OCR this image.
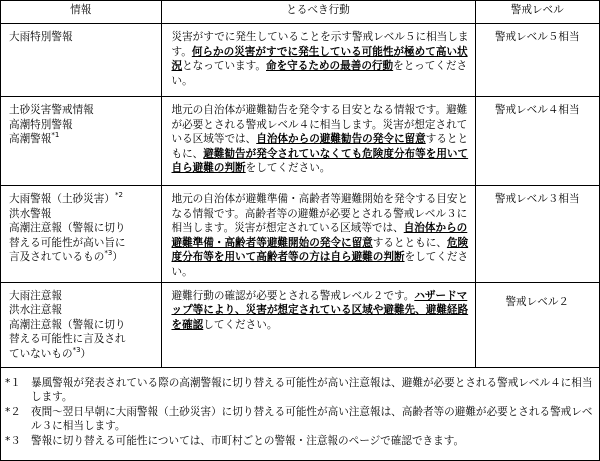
情報	とるべき行動	警戒レベル

大雨特別警報	災害がすでに発生していることを示す警戒レベル５に相当します。何らかの災害がすでに発生している可能性が極めて高い状況となっています。命を守るための最善の行動をとってください。	警戒レベル５相当

土砂災害警戒情報
高潮特別警報
高潮警報$^{*1}$	地元の自治体が避難勧告を発令する目安となる情報です。避難が必要とされる警戒レベル４に相当します。災害が想定されている区域等では、自治体からの避難勧告の発令に留意するとともに、避難勧告が発令されていなくても危険度分布等を用いて自ら避難の判断をしてください。	警戒レベル４相当

大雨警報（土砂災害）$^{*2}$
洪水警報
高潮注意報（警報に切り
替える可能性が高い旨に
言及されているもの$^{*3}$）	地元の自治体が避難準備・高齢者等避難開始を発令する目安となる情報です。高齢者等の避難が必要とされる警戒レベル３に相当します。災害が想定されている区域等では、自治体からの避難準備・高齢者等避難開始の発令に留意するとともに、危険度分布等を用いて高齢者等の方は自ら避難の判断をしてください。	警戒レベル３相当

大雨注意報
洪水注意報
高潮注意報（警報に切り
替える可能性に言及され
ていないもの$^{*3}$）	避難行動の確認が必要とされる警戒レベル２です。ハザードマップ等により、災害が想定されている区域や避難先、避難経路を確認してください。	警戒レベル２
*１ 暴風警報が発表されている際の高潮警報に切り替える可能性が高い注意報は、避難が必要とされる警戒レベル４に相当します。
*２ 夜間～翌日早朝に大雨警報（土砂災害）に切り替える可能性が高い注意報は、高齢者等の避難が必要とされる警戒レベル３に相当します。
*３ 警報に切り替える可能性については、市町村ごとの警報・注意報のページで確認できます。
